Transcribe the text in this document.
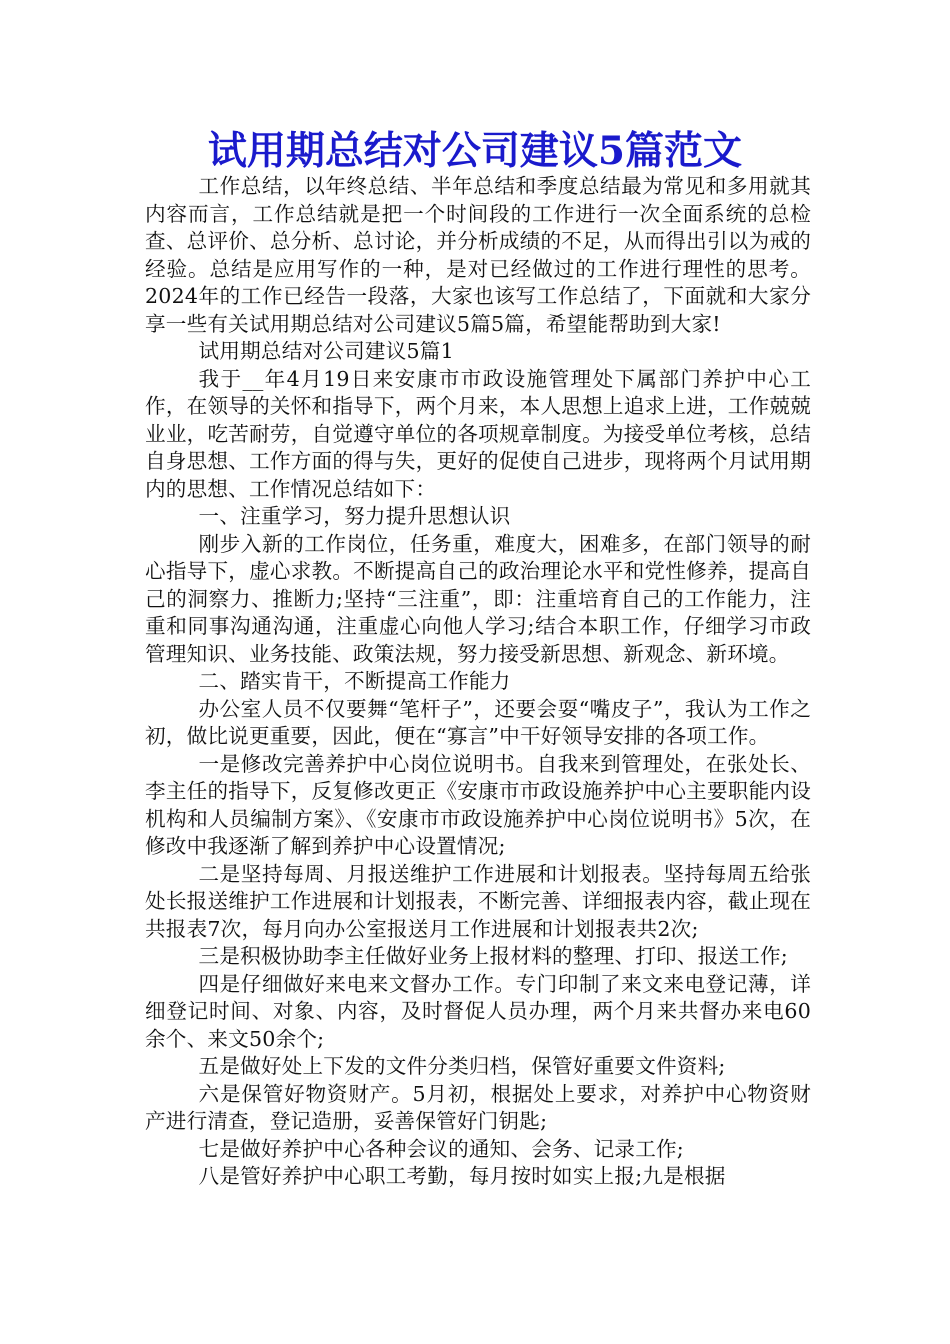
试用期总结对公司建议5篇范文

工作总结，以年终总结、半年总结和季度总结最为常见和多用就其内容而言，工作总结就是把一个时间段的工作进行一次全面系统的总检查、总评价、总分析、总讨论，并分析成绩的不足，从而得出引以为戒的经验。总结是应用写作的一种，是对已经做过的工作进行理性的思考。2024年的工作已经告一段落，大家也该写工作总结了，下面就和大家分享一些有关试用期总结对公司建议5篇5篇，希望能帮助到大家!

试用期总结对公司建议5篇1

我于__年4月19日来安康市市政设施管理处下属部门养护中心工作，在领导的关怀和指导下，两个月来，本人思想上追求上进，工作兢兢业业，吃苦耐劳，自觉遵守单位的各项规章制度。为接受单位考核，总结自身思想、工作方面的得与失，更好的促使自己进步，现将两个月试用期内的思想、工作情况总结如下：

一、注重学习，努力提升思想认识

刚步入新的工作岗位，任务重，难度大，困难多，在部门领导的耐心指导下，虚心求教。不断提高自己的政治理论水平和党性修养，提高自己的洞察力、推断力;坚持“三注重”，即：注重培育自己的工作能力，注重和同事沟通沟通，注重虚心向他人学习;结合本职工作，仔细学习市政管理知识、业务技能、政策法规，努力接受新思想、新观念、新环境。

二、踏实肯干，不断提高工作能力

办公室人员不仅要舞“笔杆子”，还要会耍“嘴皮子”，我认为工作之初，做比说更重要，因此，便在“寡言”中干好领导安排的各项工作。

一是修改完善养护中心岗位说明书。自我来到管理处，在张处长、李主任的指导下，反复修改更正《安康市市政设施养护中心主要职能内设机构和人员编制方案》、《安康市市政设施养护中心岗位说明书》5次，在修改中我逐渐了解到养护中心设置情况;

二是坚持每周、月报送维护工作进展和计划报表。坚持每周五给张处长报送维护工作进展和计划报表，不断完善、详细报表内容，截止现在共报表7次，每月向办公室报送月工作进展和计划报表共2次;

三是积极协助李主任做好业务上报材料的整理、打印、报送工作;

四是仔细做好来电来文督办工作。专门印制了来文来电登记薄，详细登记时间、对象、内容，及时督促人员办理，两个月来共督办来电60余个、来文50余个;

五是做好处上下发的文件分类归档，保管好重要文件资料;

六是保管好物资财产。5月初，根据处上要求，对养护中心物资财产进行清查，登记造册，妥善保管好门钥匙;

七是做好养护中心各种会议的通知、会务、记录工作;

八是管好养护中心职工考勤，每月按时如实上报;九是根据
